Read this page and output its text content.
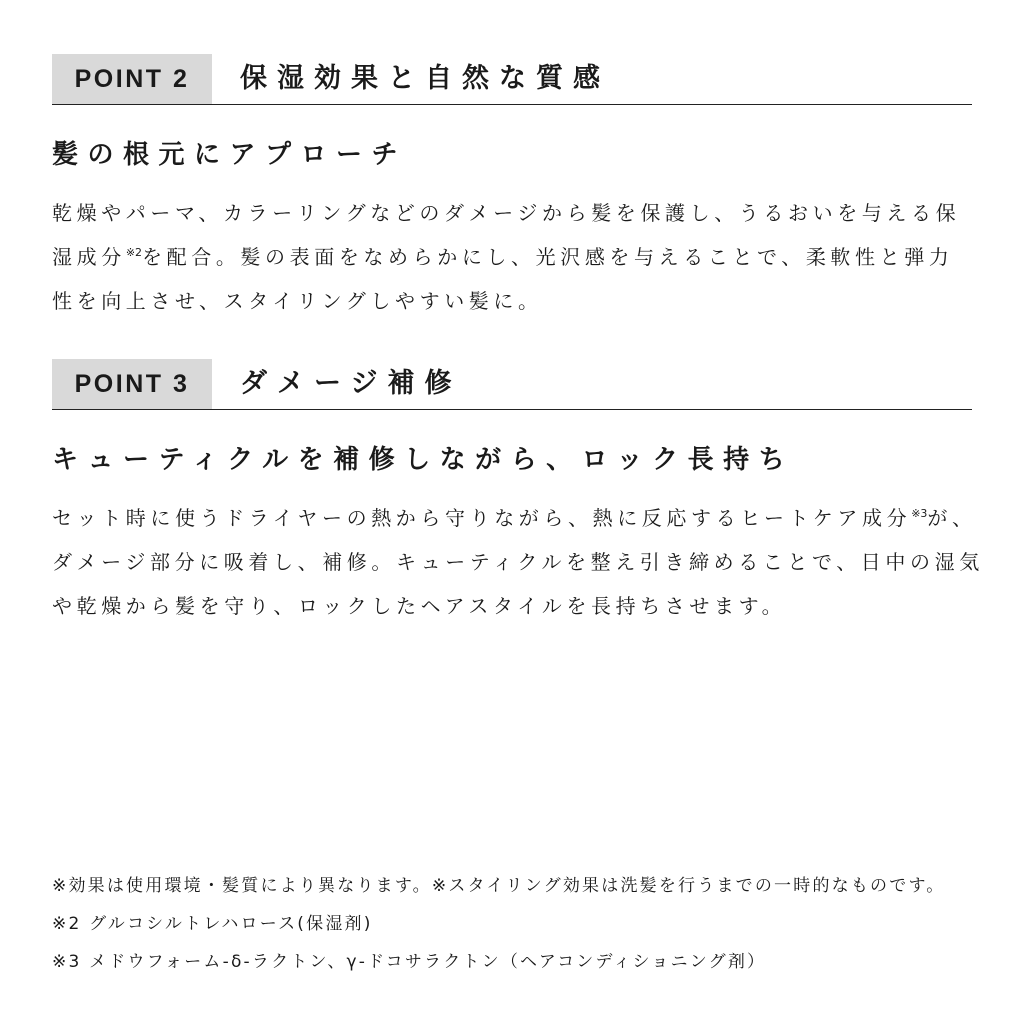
POINT 2	保湿効果と自然な質感
髪の根元にアプローチ
乾燥やパーマ、カラーリングなどのダメージから髪を保護し、うるおいを与える保
湿成分$^{※2}$を配合。髪の表面をなめらかにし、光沢感を与えることで、柔軟性と弾力
性を向上させ、スタイリングしやすい髪に。
POINT 3	ダメージ補修
キューティクルを補修しながら、ロック長持ち
セット時に使うドライヤーの熱から守りながら、熱に反応するヒートケア成分$^{※3}$が、
ダメージ部分に吸着し、補修。キューティクルを整え引き締めることで、日中の湿気
や乾燥から髪を守り、ロックしたヘアスタイルを長持ちさせます。
※効果は使用環境・髪質により異なります。※スタイリング効果は洗髪を行うまでの一時的なものです。
※2 グルコシルトレハロース(保湿剤)
※3 メドウフォーム-δ-ラクトン、γ-ドコサラクトン（ヘアコンディショニング剤）
